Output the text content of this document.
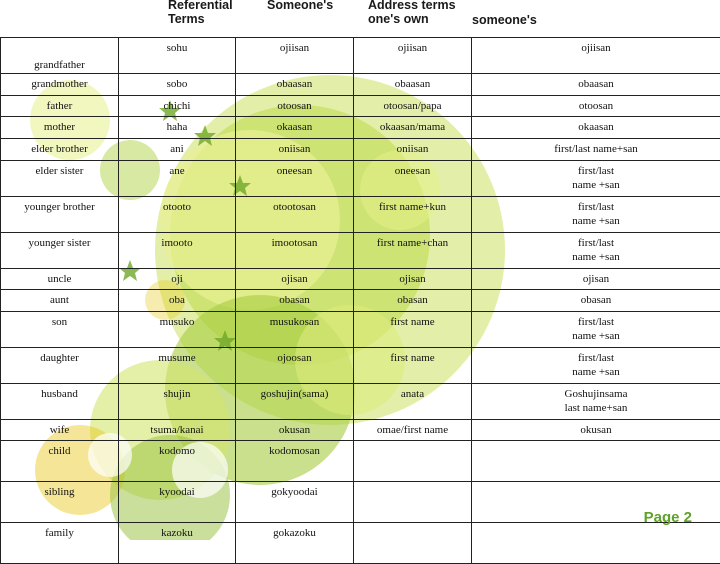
Referential
Terms
Someone's	Address terms
one's own	someone's
grandfather	sohu	ojiisan	ojiisan	ojiisan
grandmother	sobo	obaasan	obaasan	obaasan
father	chichi	otoosan	otoosan/papa	otoosan
mother	haha	okaasan	okaasan/mama	okaasan
elder brother	ani	oniisan	oniisan	first/last name+san
elder sister	ane	oneesan	oneesan	first/last
name +san
younger brother	otooto	otootosan	first name+kun	first/last
name +san
younger sister	imooto	imootosan	first name+chan	first/last
name +san
uncle	oji	ojisan	ojisan	ojisan
aunt	oba	obasan	obasan	obasan
son	musuko	musukosan	first name	first/last
name +san
daughter	musume	ojoosan	first name	first/last
name +san
husband	shujin	goshujin(sama)	anata	Goshujinsama
last name+san
wife	tsuma/kanai	okusan	omae/first name	okusan
child	kodomo	kodomosan		
sibling	kyoodai	gokyoodai		
family	kazoku	gokazoku		
Page 2
